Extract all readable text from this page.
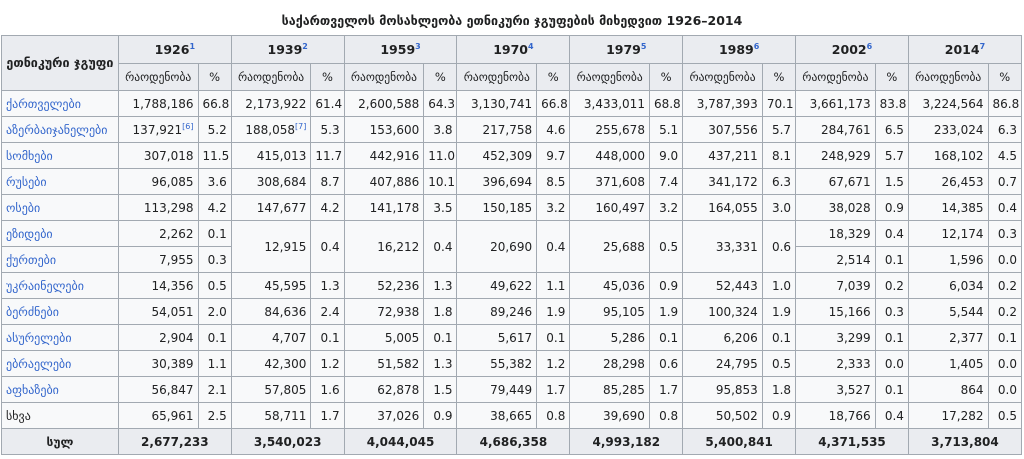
საქართველოს მოსახლეობა ეთნიკური ჯგუფების მიხედვით 1926–2014
ეთნიკური ჯგუფი	1926$^1$		1939$^2$		1959$^3$		1970$^4$		1979$^5$		1989$^6$		2002$^6$		2014$^7$
	რაოდენობა	%	რაოდენობა	%	რაოდენობა	%	რაოდენობა	%	რაოდენობა	%	რაოდენობა	%	რაოდენობა	%	რაოდენობა	%
ქართველები	1,788,186	66.8	2,173,922	61.4	2,600,588	64.3	3,130,741	66.8	3,433,011	68.8	3,787,393	70.1	3,661,173	83.8	3,224,564	86.8
აზერბაიჯანელები	137,921[6]	5.2	188,058[7]	5.3	153,600	3.8	217,758	4.6	255,678	5.1	307,556	5.7	284,761	6.5	233,024	6.3
სომხები	307,018	11.5	415,013	11.7	442,916	11.0	452,309	9.7	448,000	9.0	437,211	8.1	248,929	5.7	168,102	4.5
რუსები	96,085	3.6	308,684	8.7	407,886	10.1	396,694	8.5	371,608	7.4	341,172	6.3	67,671	1.5	26,453	0.7
ოსები	113,298	4.2	147,677	4.2	141,178	3.5	150,185	3.2	160,497	3.2	164,055	3.0	38,028	0.9	14,385	0.4
ეზიდები	2,262	0.1	12,915	0.4	16,212	0.4	20,690	0.4	25,688	0.5	33,331	0.6	18,329	0.4	12,174	0.3
ქურთები	7,955	0.3											2,514	0.1	1,596	0.0
უკრაინელები	14,356	0.5	45,595	1.3	52,236	1.3	49,622	1.1	45,036	0.9	52,443	1.0	7,039	0.2	6,034	0.2
ბერძნები	54,051	2.0	84,636	2.4	72,938	1.8	89,246	1.9	95,105	1.9	100,324	1.9	15,166	0.3	5,544	0.2
ასურელები	2,904	0.1	4,707	0.1	5,005	0.1	5,617	0.1	5,286	0.1	6,206	0.1	3,299	0.1	2,377	0.1
ებრაელები	30,389	1.1	42,300	1.2	51,582	1.3	55,382	1.2	28,298	0.6	24,795	0.5	2,333	0.0	1,405	0.0
აფხაზები	56,847	2.1	57,805	1.6	62,878	1.5	79,449	1.7	85,285	1.7	95,853	1.8	3,527	0.1	864	0.0
სხვა	65,961	2.5	58,711	1.7	37,026	0.9	38,665	0.8	39,690	0.8	50,502	0.9	18,766	0.4	17,282	0.5
სულ	2,677,233		3,540,023		4,044,045		4,686,358		4,993,182		5,400,841		4,371,535		3,713,804	
